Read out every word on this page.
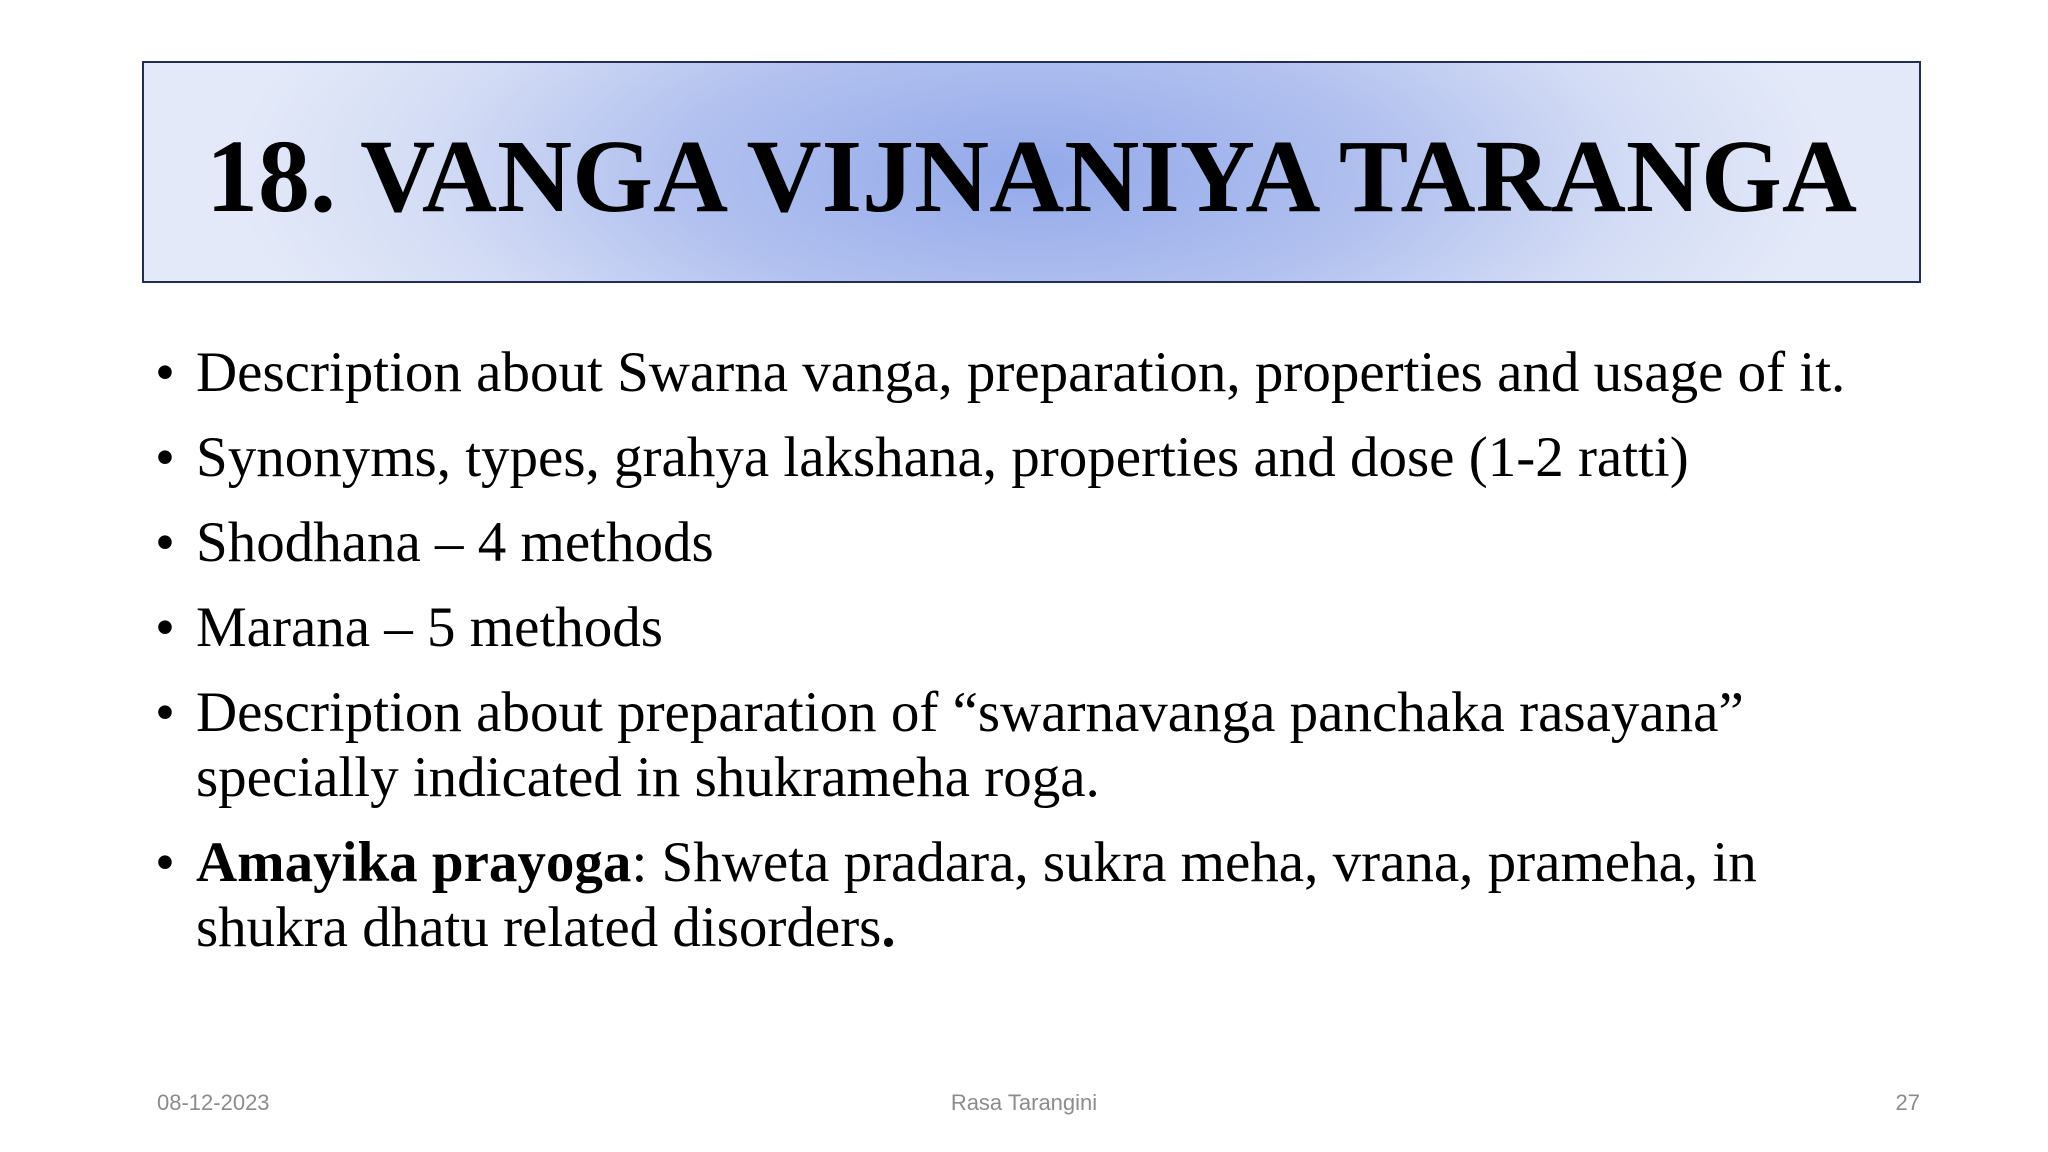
18. VANGA VIJNANIYA TARANGA
• Description about Swarna vanga, preparation, properties and usage of it.
• Synonyms, types, grahya lakshana, properties and dose (1-2 ratti)
• Shodhana – 4 methods
• Marana – 5 methods
• Description about preparation of “swarnavanga panchaka rasayana” specially indicated in shukrameha roga.
• Amayika prayoga: Shweta pradara, sukra meha, vrana, prameha, in shukra dhatu related disorders.
08-12-2023	Rasa Tarangini	27
